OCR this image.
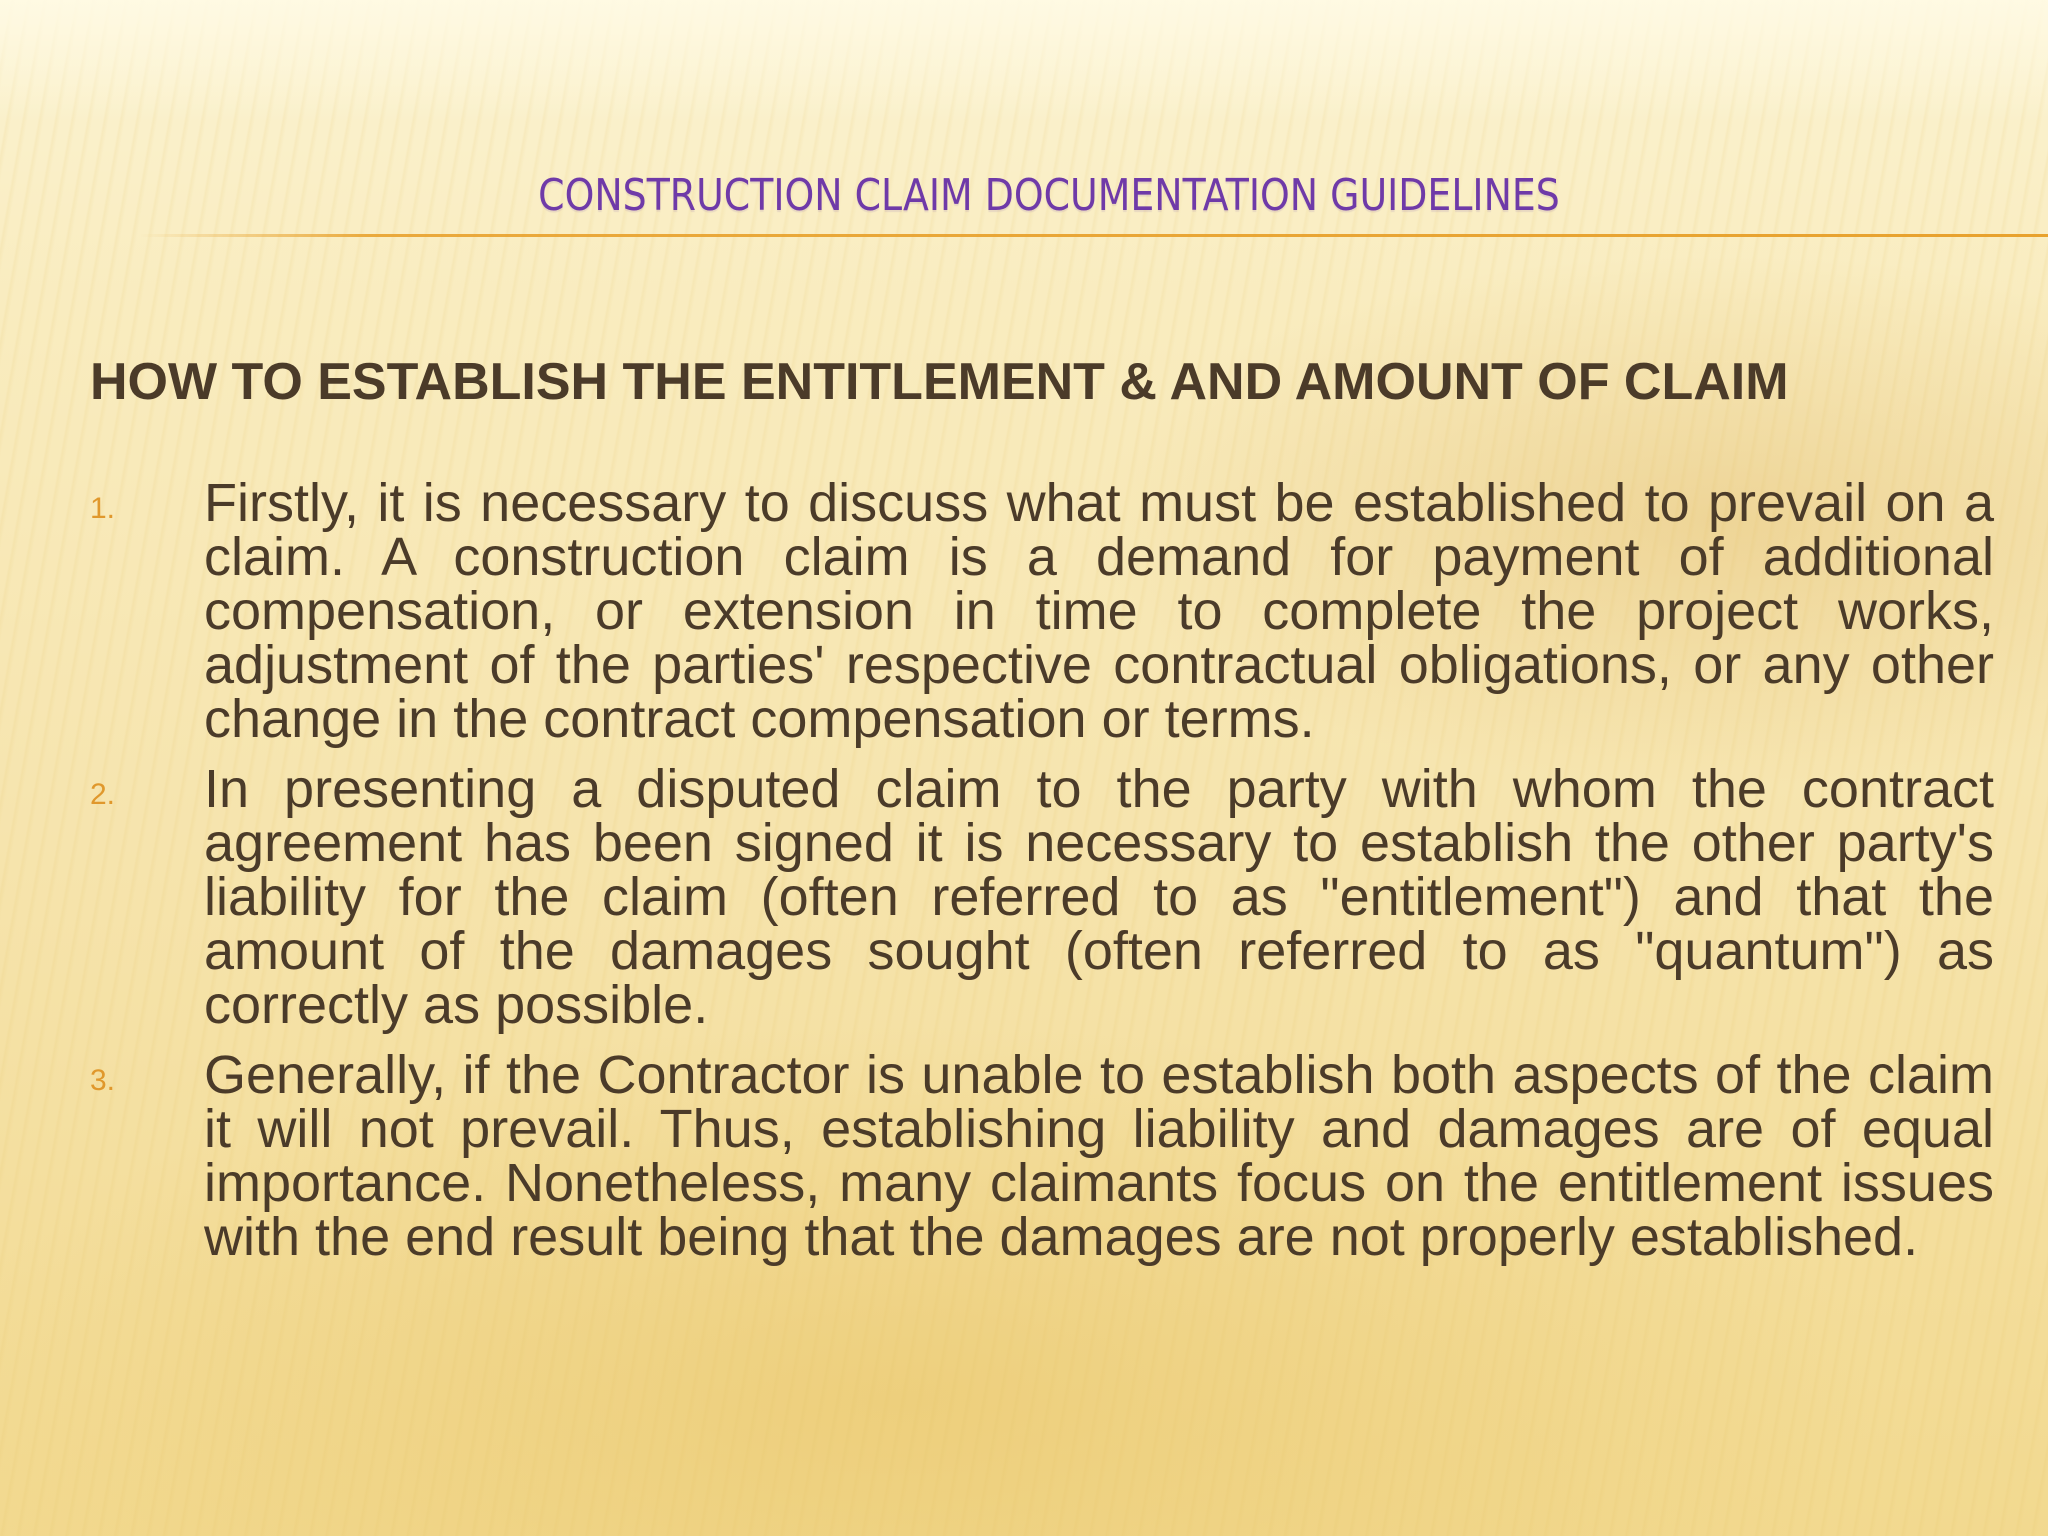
CONSTRUCTION CLAIM DOCUMENTATION GUIDELINES
HOW TO ESTABLISH THE ENTITLEMENT & AND AMOUNT OF CLAIM
1.	Firstly, it is necessary to discuss what must be established to prevail on a claim. A construction claim is a demand for payment of additional compensation, or extension in time to complete the project works, adjustment of the parties' respective contractual obligations, or any other change in the contract compensation or terms.
2.	In presenting a disputed claim to the party with whom the contract agreement has been signed it is necessary to establish the other party's liability for the claim (often referred to as "entitlement") and that the amount of the damages sought (often referred to as "quantum") as correctly as possible.
3.	Generally, if the Contractor is unable to establish both aspects of the claim it will not prevail. Thus, establishing liability and damages are of equal importance. Nonetheless, many claimants focus on the entitlement issues with the end result being that the damages are not properly established.
